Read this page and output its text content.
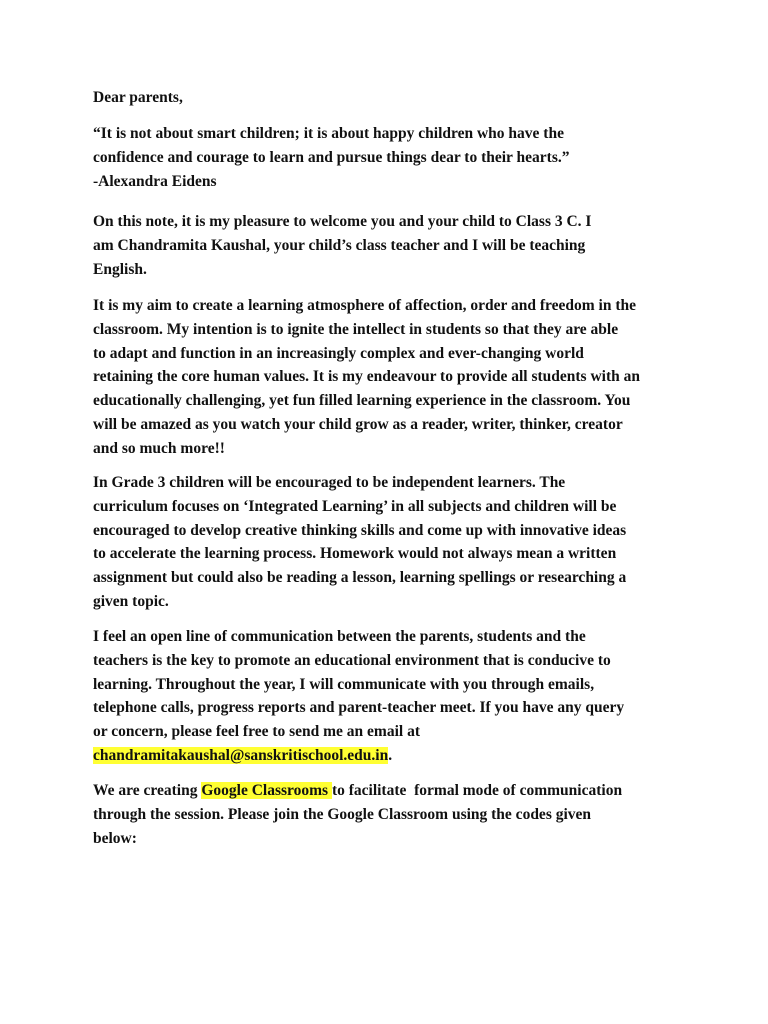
Dear parents,
“It is not about smart children; it is about happy children who have the
confidence and courage to learn and pursue things dear to their hearts.”
-Alexandra Eidens
On this note, it is my pleasure to welcome you and your child to Class 3 C. I
am Chandramita Kaushal, your child’s class teacher and I will be teaching
English.
It is my aim to create a learning atmosphere of affection, order and freedom in the
classroom. My intention is to ignite the intellect in students so that they are able
to adapt and function in an increasingly complex and ever-changing world
retaining the core human values. It is my endeavour to provide all students with an
educationally challenging, yet fun filled learning experience in the classroom. You
will be amazed as you watch your child grow as a reader, writer, thinker, creator
and so much more!!
In Grade 3 children will be encouraged to be independent learners. The
curriculum focuses on ‘Integrated Learning’ in all subjects and children will be
encouraged to develop creative thinking skills and come up with innovative ideas
to accelerate the learning process. Homework would not always mean a written
assignment but could also be reading a lesson, learning spellings or researching a
given topic.
I feel an open line of communication between the parents, students and the
teachers is the key to promote an educational environment that is conducive to
learning. Throughout the year, I will communicate with you through emails,
telephone calls, progress reports and parent-teacher meet. If you have any query
or concern, please feel free to send me an email at
chandramitakaushal@sanskritischool.edu.in.
We are creating Google Classrooms to facilitate  formal mode of communication
through the session. Please join the Google Classroom using the codes given
below:
